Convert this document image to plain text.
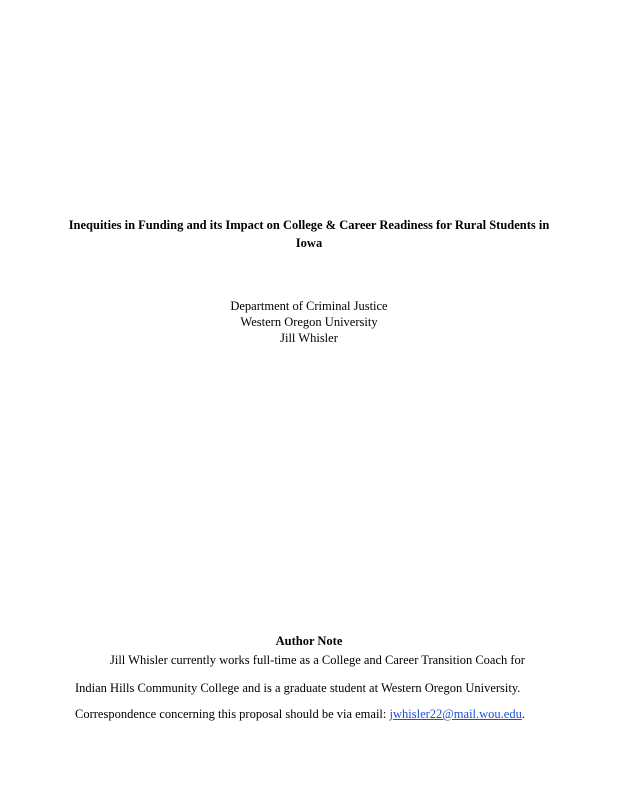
Inequities in Funding and its Impact on College & Career Readiness for Rural Students in
Iowa
Department of Criminal Justice
Western Oregon University
Jill Whisler
Author Note
Jill Whisler currently works full-time as a College and Career Transition Coach for
Indian Hills Community College and is a graduate student at Western Oregon University.
Correspondence concerning this proposal should be via email: jwhisler22@mail.wou.edu.
